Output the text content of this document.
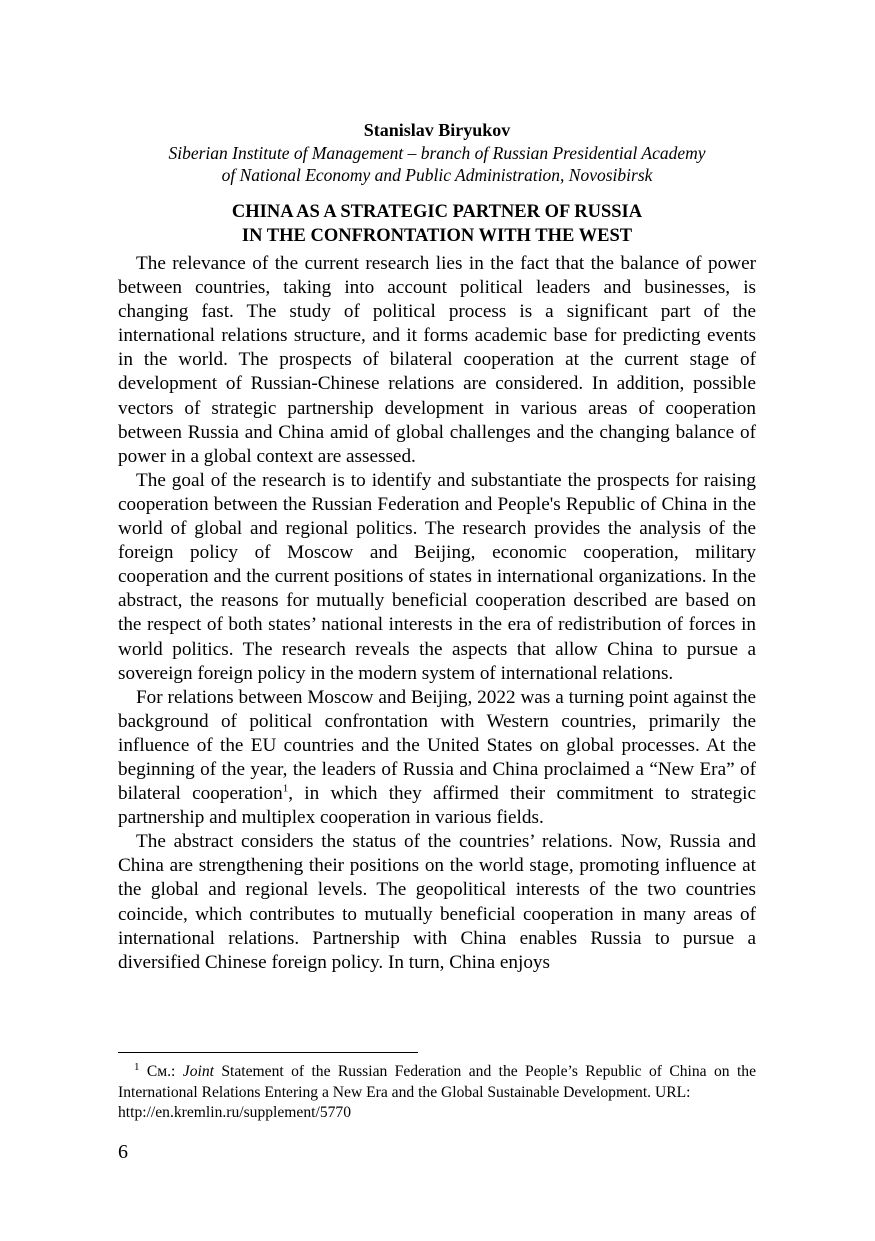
Stanislav Biryukov

Siberian Institute of Management – branch of Russian Presidential Academy

of National Economy and Public Administration, Novosibirsk

CHINA AS A STRATEGIC PARTNER OF RUSSIA
IN THE CONFRONTATION WITH THE WEST

The relevance of the current research lies in the fact that the balance of power between countries, taking into account political leaders and businesses, is changing fast. The study of political process is a significant part of the international relations structure, and it forms academic base for predicting events in the world. The prospects of bilateral cooperation at the current stage of development of Russian-Chinese relations are considered. In addition, possible vectors of strategic partnership development in various areas of cooperation between Russia and China amid of global challenges and the changing balance of power in a global context are assessed.

The goal of the research is to identify and substantiate the prospects for raising cooperation between the Russian Federation and People's Republic of China in the world of global and regional politics. The research provides the analysis of the foreign policy of Moscow and Beijing, economic cooperation, military cooperation and the current positions of states in international organizations. In the abstract, the reasons for mutually beneficial cooperation described are based on the respect of both states’ national interests in the era of redistribution of forces in world politics. The research reveals the aspects that allow China to pursue a sovereign foreign policy in the modern system of international relations.

For relations between Moscow and Beijing, 2022 was a turning point against the background of political confrontation with Western countries, primarily the influence of the EU countries and the United States on global processes. At the beginning of the year, the leaders of Russia and China proclaimed a “New Era” of bilateral cooperation$^1$, in which they affirmed their commitment to strategic partnership and multiplex cooperation in various fields.

The abstract considers the status of the countries’ relations. Now, Russia and China are strengthening their positions on the world stage, promoting influence at the global and regional levels. The geopolitical interests of the two countries coincide, which contributes to mutually beneficial cooperation in many areas of international relations. Partnership with China enables Russia to pursue a diversified Chinese foreign policy. In turn, China enjoys

$^1$ См.: Joint Statement of the Russian Federation and the People’s Republic of China on the International Relations Entering a New Era and the Global Sustainable Development. URL:
http://en.kremlin.ru/supplement/5770

6
